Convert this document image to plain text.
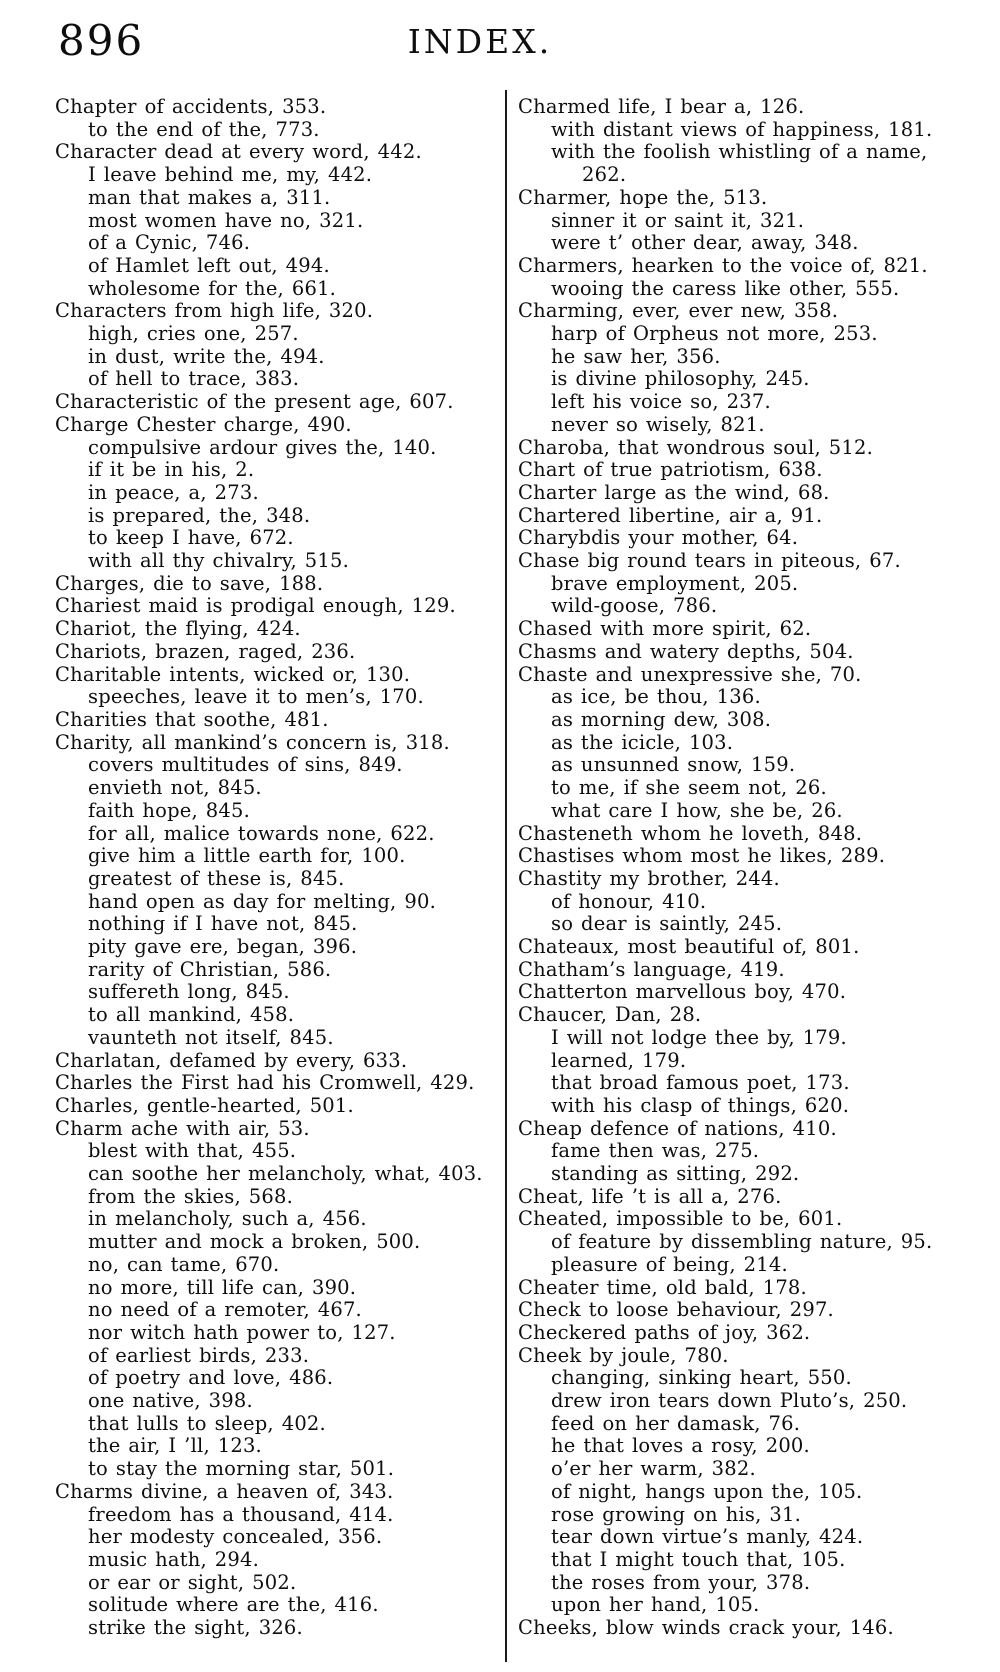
896	INDEX.
Chapter of accidents, 353.
to the end of the, 773.
Character dead at every word, 442.
I leave behind me, my, 442.
man that makes a, 311.
most women have no, 321.
of a Cynic, 746.
of Hamlet left out, 494.
wholesome for the, 661.
Characters from high life, 320.
high, cries one, 257.
in dust, write the, 494.
of hell to trace, 383.
Characteristic of the present age, 607.
Charge Chester charge, 490.
compulsive ardour gives the, 140.
if it be in his, 2.
in peace, a, 273.
is prepared, the, 348.
to keep I have, 672.
with all thy chivalry, 515.
Charges, die to save, 188.
Chariest maid is prodigal enough, 129.
Chariot, the flying, 424.
Chariots, brazen, raged, 236.
Charitable intents, wicked or, 130.
speeches, leave it to men’s, 170.
Charities that soothe, 481.
Charity, all mankind’s concern is, 318.
covers multitudes of sins, 849.
envieth not, 845.
faith hope, 845.
for all, malice towards none, 622.
give him a little earth for, 100.
greatest of these is, 845.
hand open as day for melting, 90.
nothing if I have not, 845.
pity gave ere, began, 396.
rarity of Christian, 586.
suffereth long, 845.
to all mankind, 458.
vaunteth not itself, 845.
Charlatan, defamed by every, 633.
Charles the First had his Cromwell, 429.
Charles, gentle-hearted, 501.
Charm ache with air, 53.
blest with that, 455.
can soothe her melancholy, what, 403.
from the skies, 568.
in melancholy, such a, 456.
mutter and mock a broken, 500.
no, can tame, 670.
no more, till life can, 390.
no need of a remoter, 467.
nor witch hath power to, 127.
of earliest birds, 233.
of poetry and love, 486.
one native, 398.
that lulls to sleep, 402.
the air, I ’ll, 123.
to stay the morning star, 501.
Charms divine, a heaven of, 343.
freedom has a thousand, 414.
her modesty concealed, 356.
music hath, 294.
or ear or sight, 502.
solitude where are the, 416.
strike the sight, 326.
Charmed life, I bear a, 126.
with distant views of happiness, 181.
with the foolish whistling of a name,
262.
Charmer, hope the, 513.
sinner it or saint it, 321.
were t’ other dear, away, 348.
Charmers, hearken to the voice of, 821.
wooing the caress like other, 555.
Charming, ever, ever new, 358.
harp of Orpheus not more, 253.
he saw her, 356.
is divine philosophy, 245.
left his voice so, 237.
never so wisely, 821.
Charoba, that wondrous soul, 512.
Chart of true patriotism, 638.
Charter large as the wind, 68.
Chartered libertine, air a, 91.
Charybdis your mother, 64.
Chase big round tears in piteous, 67.
brave employment, 205.
wild-goose, 786.
Chased with more spirit, 62.
Chasms and watery depths, 504.
Chaste and unexpressive she, 70.
as ice, be thou, 136.
as morning dew, 308.
as the icicle, 103.
as unsunned snow, 159.
to me, if she seem not, 26.
what care I how, she be, 26.
Chasteneth whom he loveth, 848.
Chastises whom most he likes, 289.
Chastity my brother, 244.
of honour, 410.
so dear is saintly, 245.
Chateaux, most beautiful of, 801.
Chatham’s language, 419.
Chatterton marvellous boy, 470.
Chaucer, Dan, 28.
I will not lodge thee by, 179.
learned, 179.
that broad famous poet, 173.
with his clasp of things, 620.
Cheap defence of nations, 410.
fame then was, 275.
standing as sitting, 292.
Cheat, life ’t is all a, 276.
Cheated, impossible to be, 601.
of feature by dissembling nature, 95.
pleasure of being, 214.
Cheater time, old bald, 178.
Check to loose behaviour, 297.
Checkered paths of joy, 362.
Cheek by joule, 780.
changing, sinking heart, 550.
drew iron tears down Pluto’s, 250.
feed on her damask, 76.
he that loves a rosy, 200.
o’er her warm, 382.
of night, hangs upon the, 105.
rose growing on his, 31.
tear down virtue’s manly, 424.
that I might touch that, 105.
the roses from your, 378.
upon her hand, 105.
Cheeks, blow winds crack your, 146.
